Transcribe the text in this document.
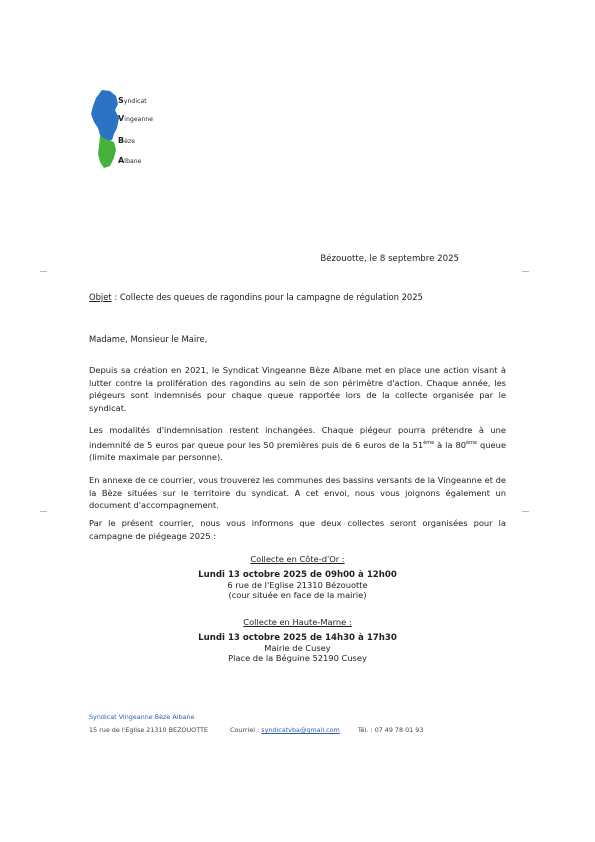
Syndicat
Vingeanne
Bèze
Albane
Bézouotte, le 8 septembre 2025
Objet : Collecte des queues de ragondins pour la campagne de régulation 2025
Madame, Monsieur le Maire,
Depuis sa création en 2021, le Syndicat Vingeanne Bèze Albane met en place une action visant à lutter contre la prolifération des ragondins au sein de son périmètre d'action. Chaque année, les piégeurs sont indemnisés pour chaque queue rapportée lors de la collecte organisée par le syndicat.
Les modalités d'indemnisation restent inchangées. Chaque piégeur pourra prétendre à une indemnité de 5 euros par queue pour les 50 premières puis de 6 euros de la 51ème à la 80ème queue (limite maximale par personne).
En annexe de ce courrier, vous trouverez les communes des bassins versants de la Vingeanne et de la Bèze situées sur le territoire du syndicat. A cet envoi, nous vous joignons également un document d'accompagnement.
Par le présent courrier, nous vous informons que deux collectes seront organisées pour la campagne de piégeage 2025 :
Collecte en Côte-d'Or :
Lundi 13 octobre 2025 de 09h00 à 12h00
6 rue de l'Eglise 21310 Bézouotte
(cour située en face de la mairie)
Collecte en Haute-Marne :
Lundi 13 octobre 2025 de 14h30 à 17h30
Mairie de Cusey
Place de la Béguine 52190 Cusey
Syndicat Vingeanne Bèze Albane
15 rue de l'Eglise 21310 BEZOUOTTE	Courriel : syndicatvba@gmail.com	Tél. : 07 49 78 01 93
